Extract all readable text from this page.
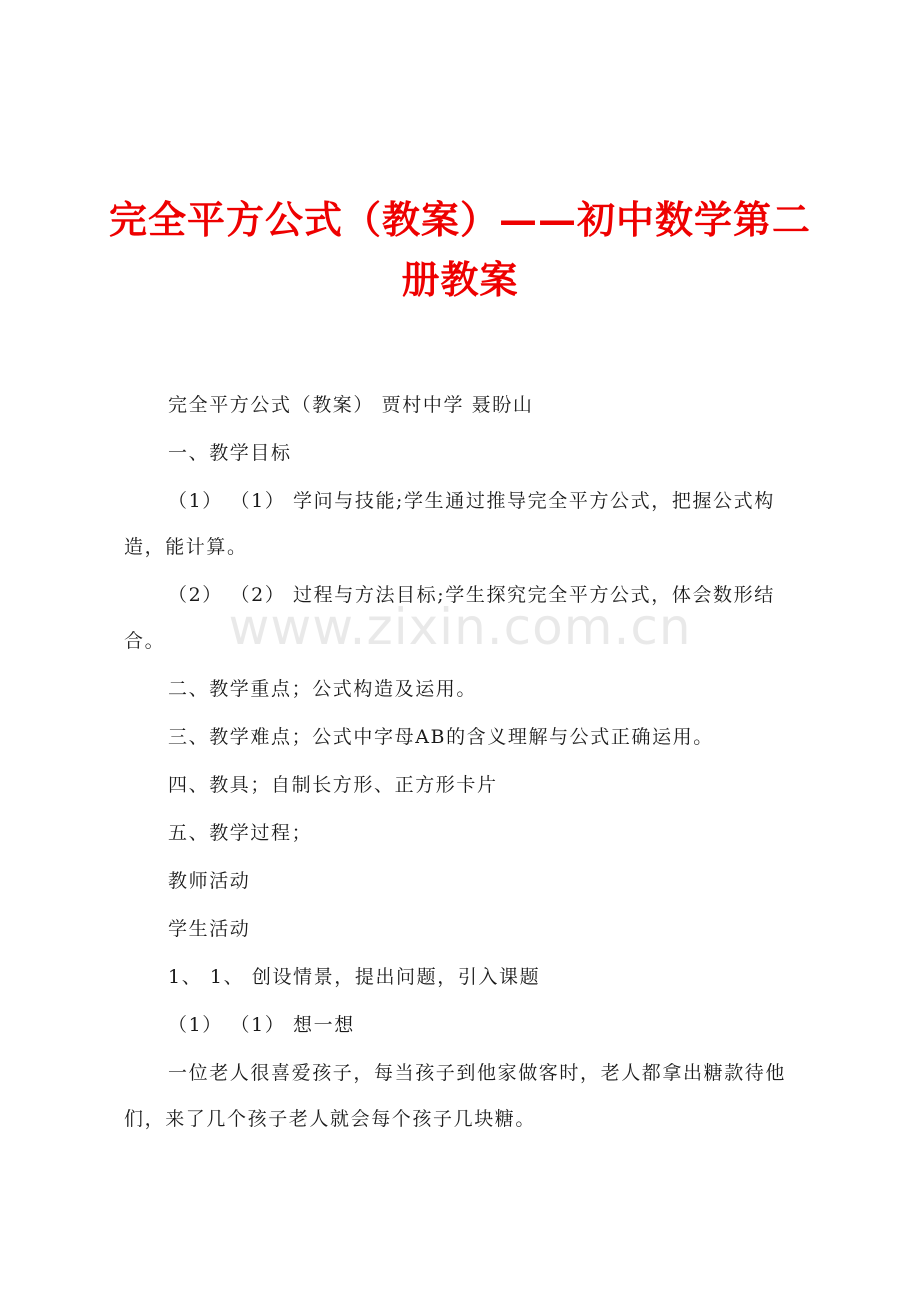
www.zixin.com.cn
完全平方公式（教案）——初中数学第二册教案

完全平方公式（教案） 贾村中学 聂盼山

一、教学目标

（1） （1） 学问与技能;学生通过推导完全平方公式，把握公式构造，能计算。

（2） （2） 过程与方法目标;学生探究完全平方公式，体会数形结合。

二、教学重点；公式构造及运用。

三、教学难点；公式中字母AB的含义理解与公式正确运用。

四、教具；自制长方形、正方形卡片

五、教学过程；

教师活动

学生活动

1、 1、 创设情景，提出问题，引入课题

（1） （1） 想一想

一位老人很喜爱孩子，每当孩子到他家做客时，老人都拿出糖款待他们，来了几个孩子老人就会每个孩子几块糖。
